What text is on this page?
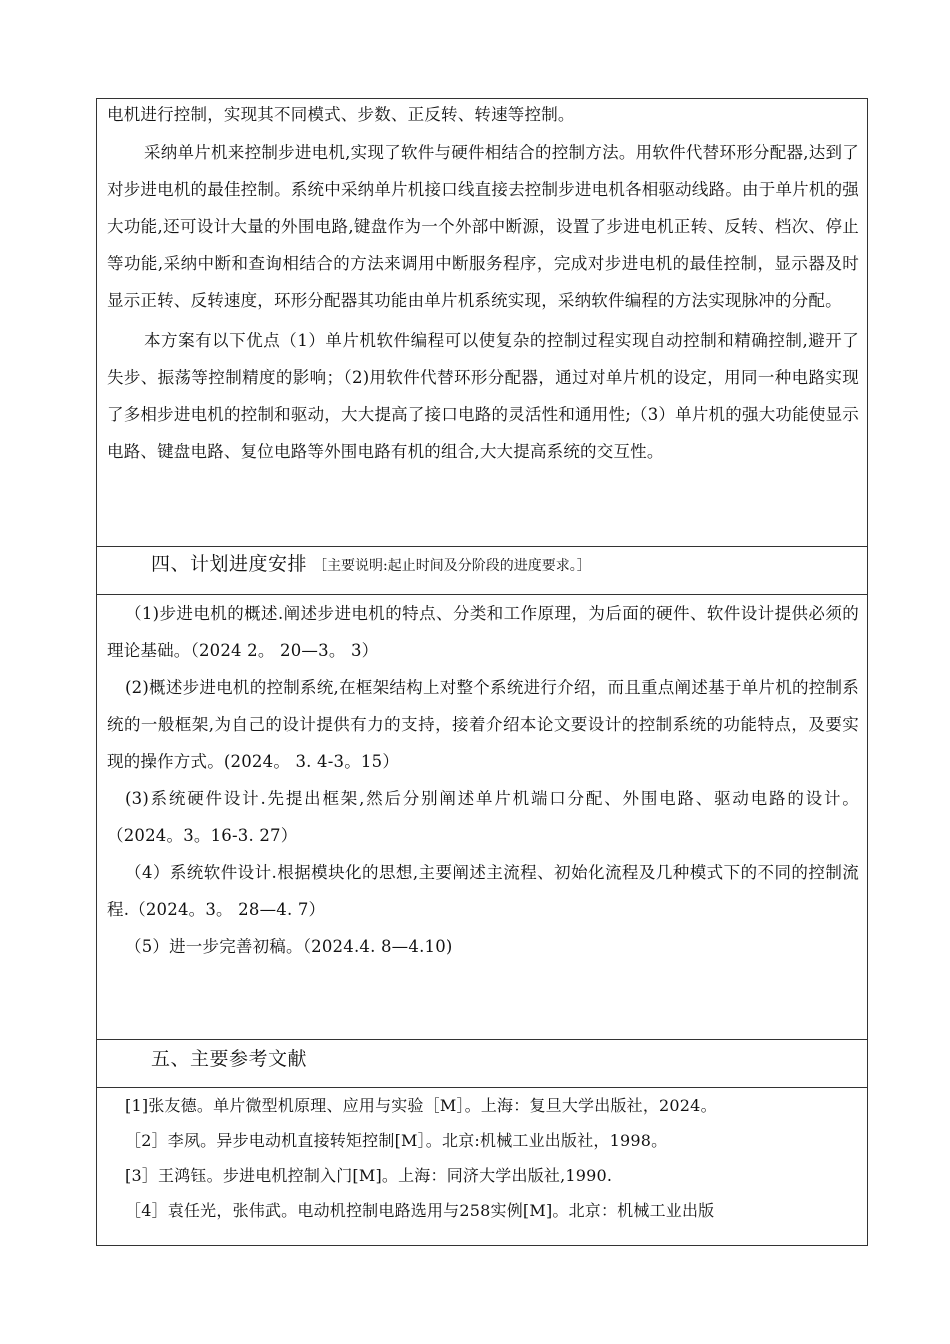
电机进行控制，实现其不同模式、步数、正反转、转速等控制。

采纳单片机来控制步进电机,实现了软件与硬件相结合的控制方法。用软件代替环形分配器,达到了对步进电机的最佳控制。系统中采纳单片机接口线直接去控制步进电机各相驱动线路。由于单片机的强大功能,还可设计大量的外围电路,键盘作为一个外部中断源，设置了步进电机正转、反转、档次、停止等功能,采纳中断和查询相结合的方法来调用中断服务程序，完成对步进电机的最佳控制，显示器及时显示正转、反转速度，环形分配器其功能由单片机系统实现，采纳软件编程的方法实现脉冲的分配。

本方案有以下优点（1）单片机软件编程可以使复杂的控制过程实现自动控制和精确控制,避开了失步、振荡等控制精度的影响；（2)用软件代替环形分配器，通过对单片机的设定，用同一种电路实现了多相步进电机的控制和驱动，大大提高了接口电路的灵活性和通用性;（3）单片机的强大功能使显示电路、键盘电路、复位电路等外围电路有机的组合,大大提高系统的交互性。

四、计划进度安排 ［主要说明:起止时间及分阶段的进度要求。］

（1)步进电机的概述.阐述步进电机的特点、分类和工作原理，为后面的硬件、软件设计提供必须的理论基础。（2024 2。 20—3。 3）

(2)概述步进电机的控制系统,在框架结构上对整个系统进行介绍，而且重点阐述基于单片机的控制系统的一般框架,为自己的设计提供有力的支持，接着介绍本论文要设计的控制系统的功能特点，及要实现的操作方式。(2024。 3. 4-3。15）

(3)系统硬件设计.先提出框架,然后分别阐述单片机端口分配、外围电路、驱动电路的设计。（2024。3。16-3. 27）

（4）系统软件设计.根据模块化的思想,主要阐述主流程、初始化流程及几种模式下的不同的控制流程.（2024。3。 28—4. 7）

（5）进一步完善初稿。（2024.4. 8—4.10)

五、主要参考文献

[1]张友德。单片微型机原理、应用与实验［M］。上海：复旦大学出版社，2024。

［2］李夙。异步电动机直接转矩控制[M］。北京:机械工业出版社，1998。

[3］王鸿钰。步进电机控制入门[M]。上海：同济大学出版社,1990.

［4］袁任光，张伟武。电动机控制电路选用与258实例[M]。北京：机械工业出版
